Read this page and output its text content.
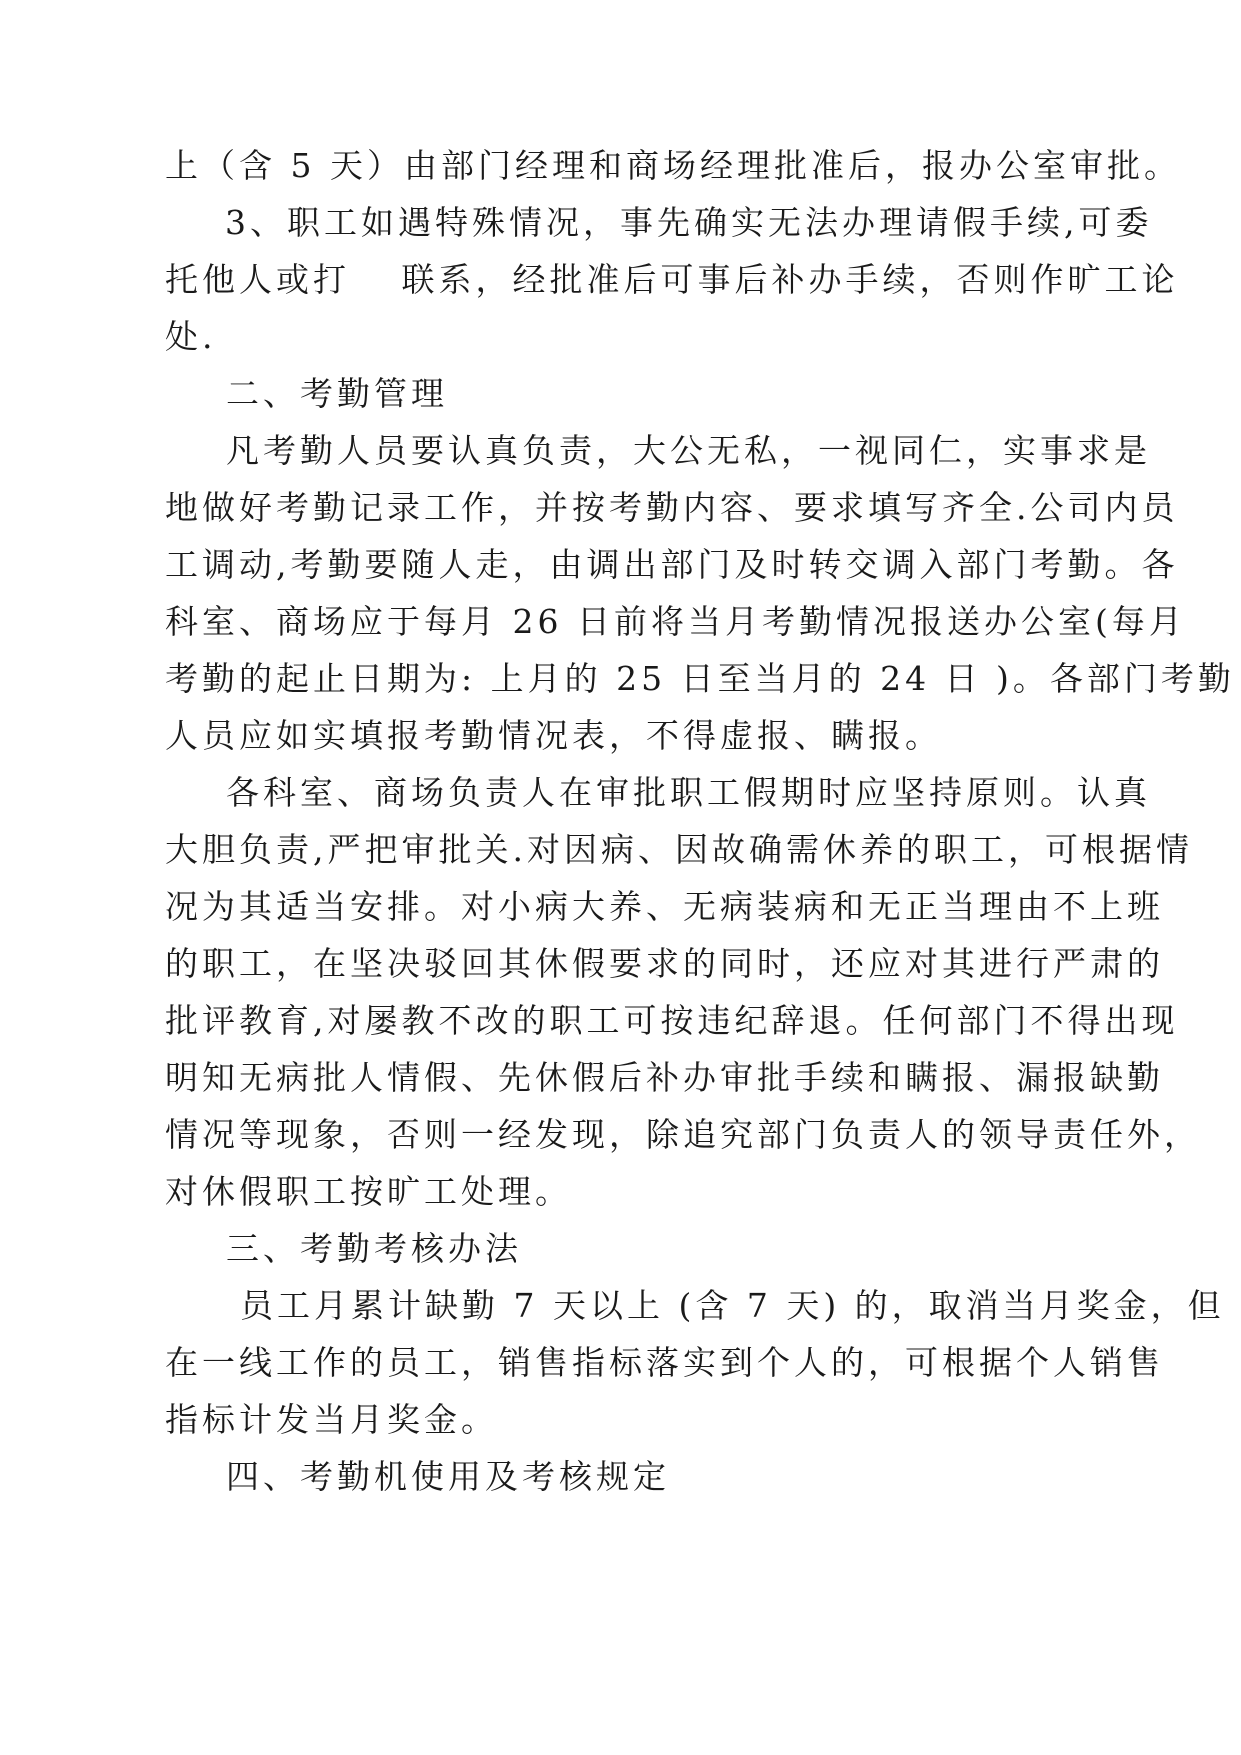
上（含 5 天）由部门经理和商场经理批准后，报办公室审批。

3、职工如遇特殊情况，事先确实无法办理请假手续,可委

托他人或打　 联系，经批准后可事后补办手续，否则作旷工论

处.

二、考勤管理

凡考勤人员要认真负责，大公无私，一视同仁，实事求是

地做好考勤记录工作，并按考勤内容、要求填写齐全.公司内员

工调动,考勤要随人走，由调出部门及时转交调入部门考勤。各

科室、商场应于每月 26 日前将当月考勤情况报送办公室(每月

考勤的起止日期为: 上月的 25 日至当月的 24 日 )。各部门考勤

人员应如实填报考勤情况表，不得虚报、瞒报。

各科室、商场负责人在审批职工假期时应坚持原则。认真

大胆负责,严把审批关.对因病、因故确需休养的职工，可根据情

况为其适当安排。对小病大养、无病装病和无正当理由不上班

的职工，在坚决驳回其休假要求的同时，还应对其进行严肃的

批评教育,对屡教不改的职工可按违纪辞退。任何部门不得出现

明知无病批人情假、先休假后补办审批手续和瞒报、漏报缺勤

情况等现象，否则一经发现，除追究部门负责人的领导责任外，

对休假职工按旷工处理。

三、考勤考核办法

员工月累计缺勤 7 天以上 (含 7 天) 的，取消当月奖金，但

在一线工作的员工，销售指标落实到个人的，可根据个人销售

指标计发当月奖金。

四、考勤机使用及考核规定
